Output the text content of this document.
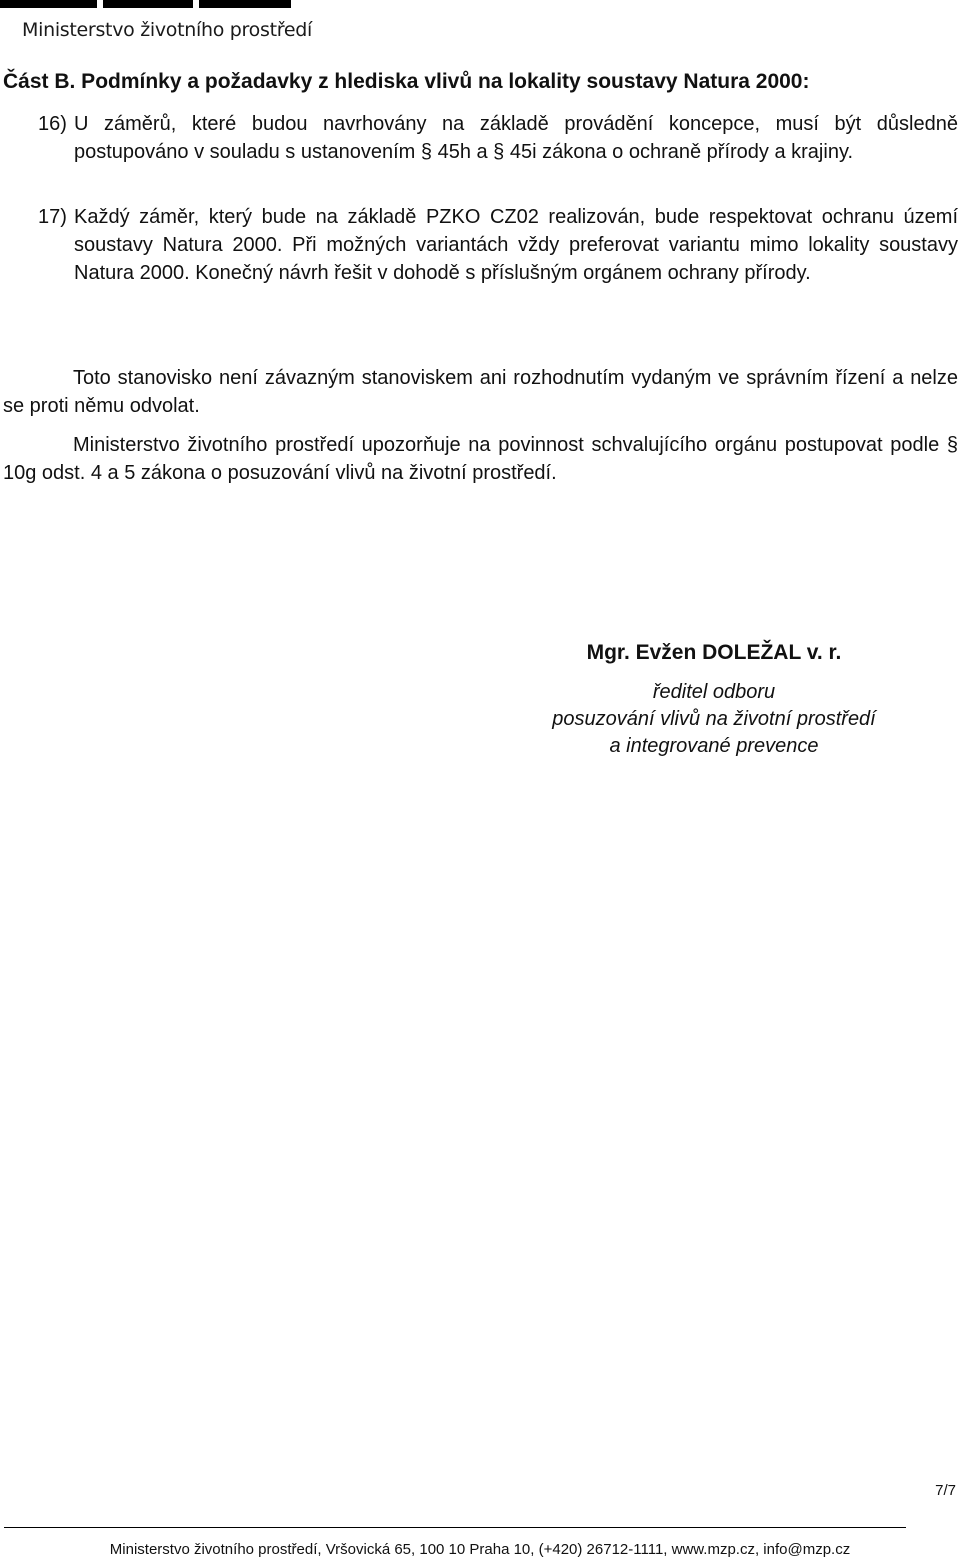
Ministerstvo životního prostředí
Část B. Podmínky a požadavky z hlediska vlivů na lokality soustavy Natura 2000:
16) U záměrů, které budou navrhovány na základě provádění koncepce, musí být důsledně postupováno v souladu s ustanovením § 45h a § 45i zákona o ochraně přírody a krajiny.
17) Každý záměr, který bude na základě PZKO CZ02 realizován, bude respektovat ochranu území soustavy Natura 2000. Při možných variantách vždy preferovat variantu mimo lokality soustavy Natura 2000. Konečný návrh řešit v dohodě s příslušným orgánem ochrany přírody.
Toto stanovisko není závazným stanoviskem ani rozhodnutím vydaným ve správním řízení a nelze se proti němu odvolat.
Ministerstvo životního prostředí upozorňuje na povinnost schvalujícího orgánu postupovat podle § 10g odst. 4 a 5 zákona o posuzování vlivů na životní prostředí.
Mgr. Evžen DOLEŽAL v. r.
ředitel odboru
posuzování vlivů na životní prostředí
a integrované prevence
7/7
Ministerstvo životního prostředí, Vršovická 65, 100 10 Praha 10, (+420) 26712-1111, www.mzp.cz, info@mzp.cz
